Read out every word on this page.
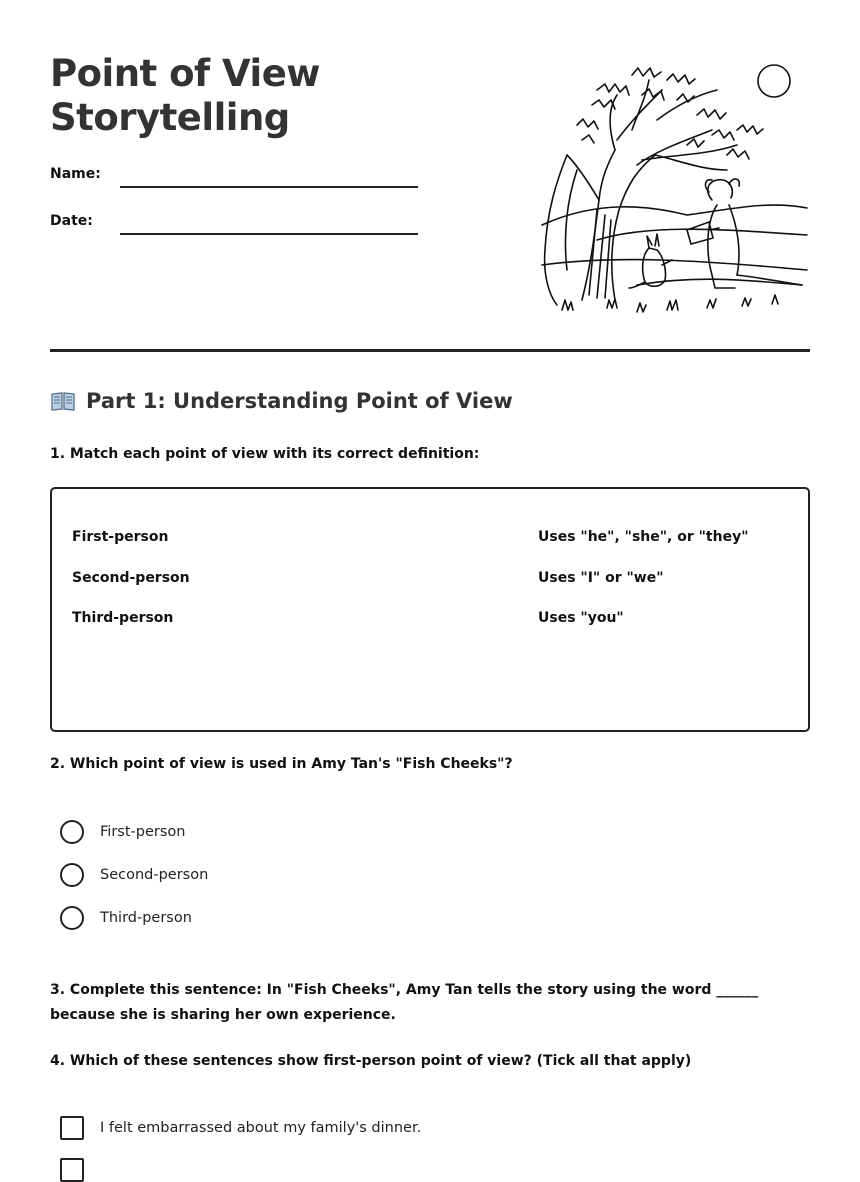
Point of View
Storytelling
Name:
Date:
Part 1: Understanding Point of View

1. Match each point of view with its correct definition:

First-person
Second-person
Third-person
Uses "he", "she", or "they"
Uses "I" or "we"
Uses "you"

2. Which point of view is used in Amy Tan's "Fish Cheeks"?

First-person
Second-person
Third-person

3. Complete this sentence: In "Fish Cheeks", Amy Tan tells the story using the word ______ because she is sharing her own experience.

4. Which of these sentences show first-person point of view? (Tick all that apply)

I felt embarrassed about my family's dinner.
